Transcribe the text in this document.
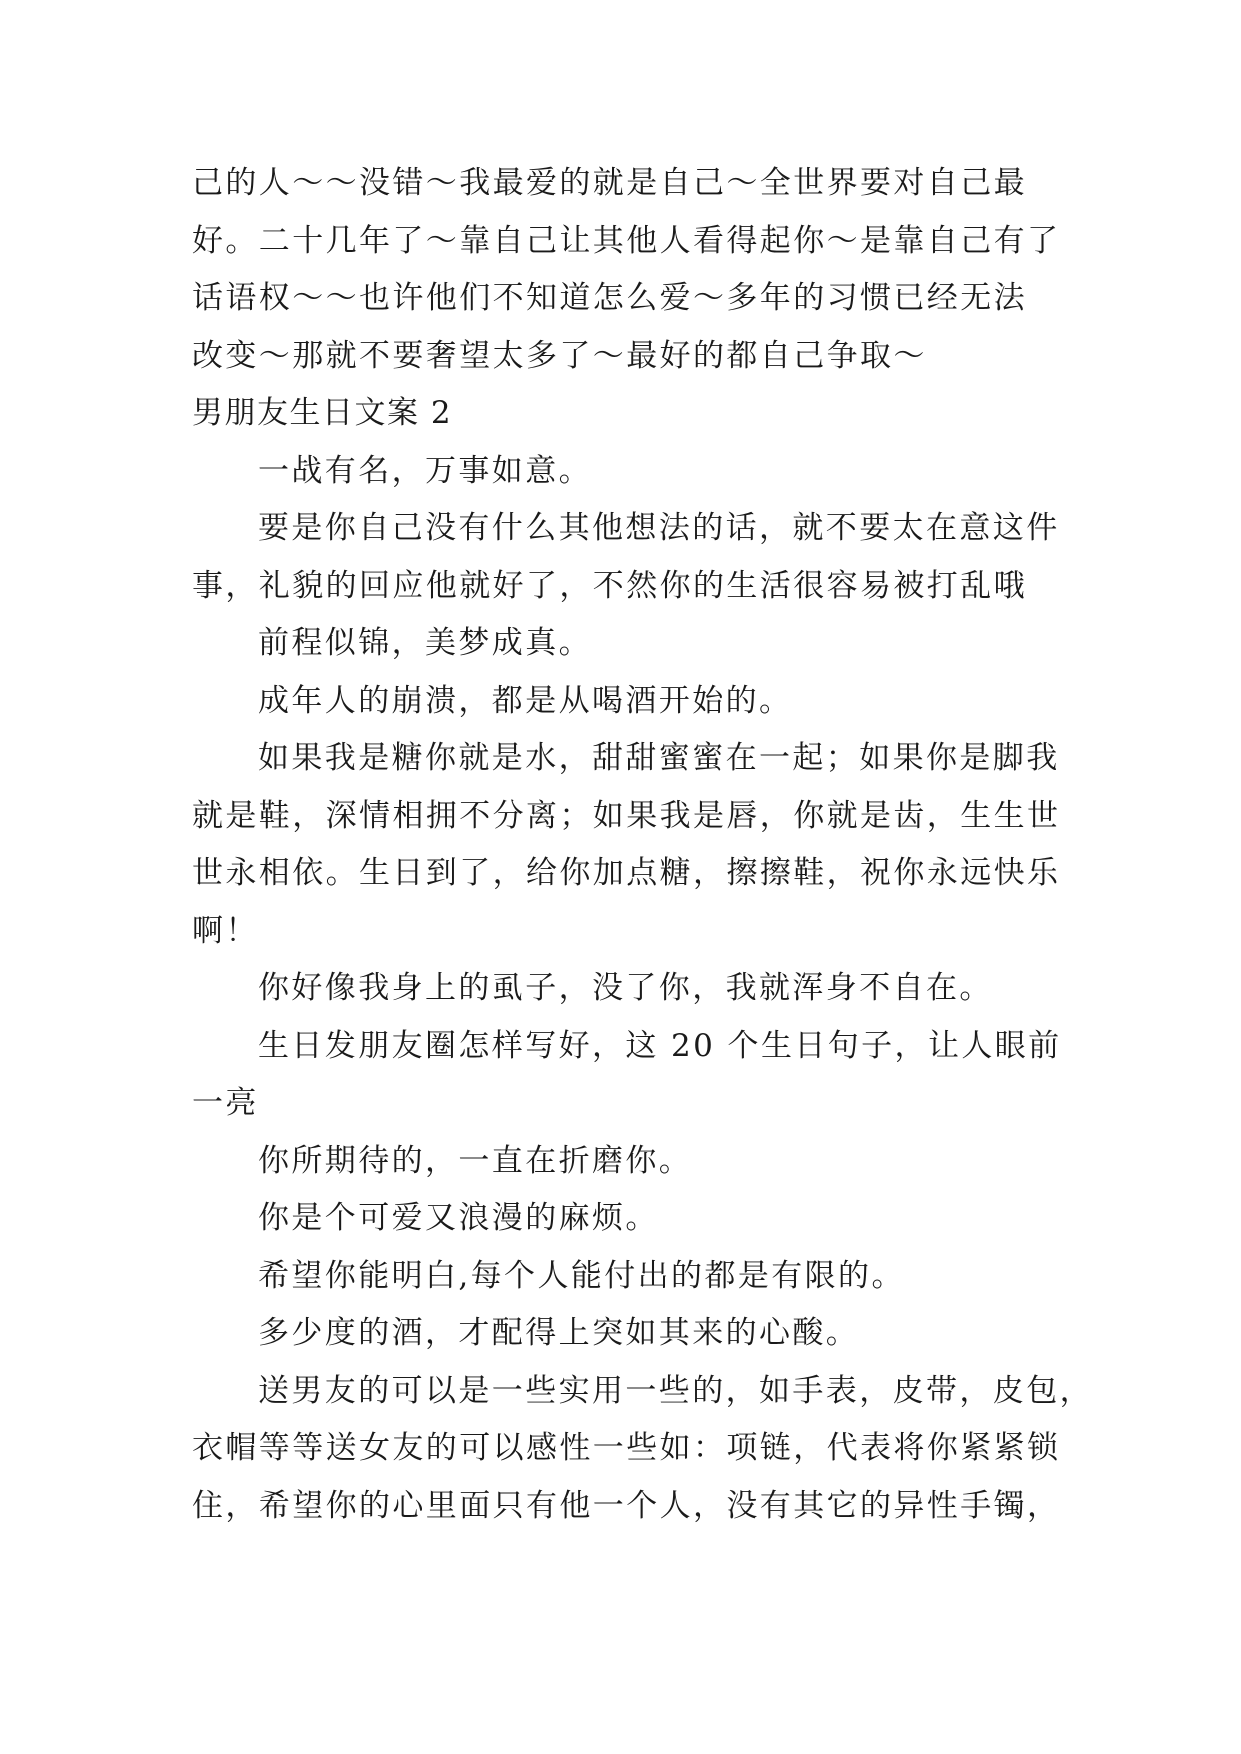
己的人～～没错～我最爱的就是自己～全世界要对自己最
好。二十几年了～靠自己让其他人看得起你～是靠自己有了
话语权～～也许他们不知道怎么爱～多年的习惯已经无法
改变～那就不要奢望太多了～最好的都自己争取～
男朋友生日文案 2
一战有名，万事如意。
要是你自己没有什么其他想法的话，就不要太在意这件
事，礼貌的回应他就好了，不然你的生活很容易被打乱哦
前程似锦，美梦成真。
成年人的崩溃，都是从喝酒开始的。
如果我是糖你就是水，甜甜蜜蜜在一起；如果你是脚我
就是鞋，深情相拥不分离；如果我是唇，你就是齿，生生世
世永相依。生日到了，给你加点糖，擦擦鞋，祝你永远快乐
啊！
你好像我身上的虱子，没了你，我就浑身不自在。
生日发朋友圈怎样写好，这 20 个生日句子，让人眼前
一亮
你所期待的，一直在折磨你。
你是个可爱又浪漫的麻烦。
希望你能明白,每个人能付出的都是有限的。
多少度的酒，才配得上突如其来的心酸。
送男友的可以是一些实用一些的，如手表，皮带，皮包，
衣帽等等送女友的可以感性一些如：项链，代表将你紧紧锁
住，希望你的心里面只有他一个人，没有其它的异性手镯，
